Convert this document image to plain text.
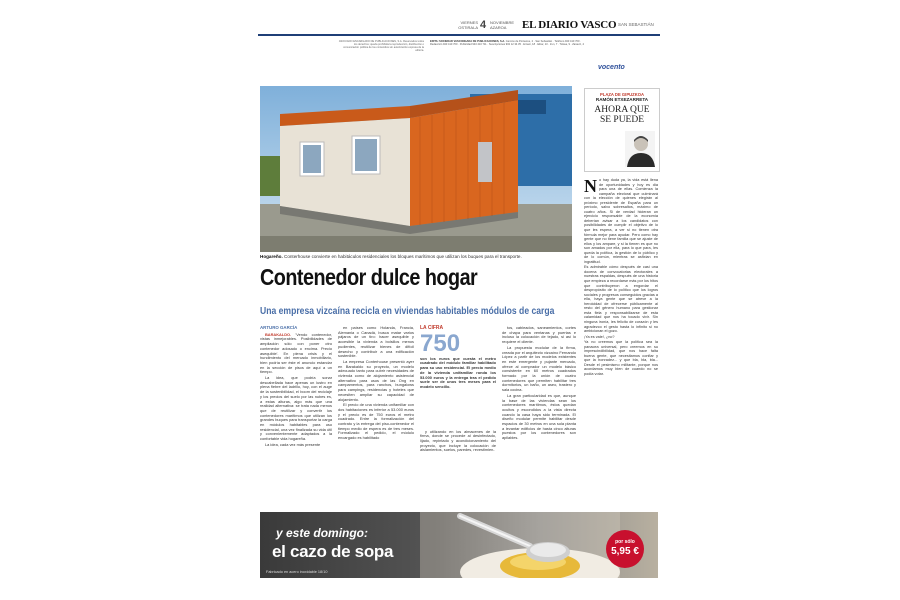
VIERNES
OSTIRALA 4 NOVIEMBRE
AZAROA	EL DIARIO VASCO SAN SEBASTIÁN
ASOCIADO ENCARGADO DE PUBLICACIONES, S.A. Reservados todos los derechos; queda prohibida la reproducción, distribución o comunicación pública de los contenidos sin autorización expresa de la editora.
EDITA: SOCIEDAD VASCONGADA DE PUBLICACIONES, S.A. Camino de Portuetxe, 2 · San Sebastián · Teléfono 943 410 700 · Redacción 943 410 700 · Publicidad 943 410 711 · Suscripciones 902 12 34 35 · Ernani, 18 · Eibar, 13 · Irun, 7 · Tolosa, 9 · Zarautz, 4
vocento
Hogareño. Conterhouse convierte en habitáculos residenciales los bloques marítimos que utilizan los buques para el transporte.
Contenedor dulce hogar
Una empresa vizcaína recicla en viviendas habitables módulos de carga
ARTURO GARCÍA

BARAKALDO. 'Vendo contenedor, vistas inmejorables. Posibilidades de ampliación sólo con poner otro contenedor adosado o encima. Precio asequible'. En plena crisis y el hundimiento del mercado inmobiliario, bien podría ser éste el anuncio estandar en la sección de pisos de aquí a un tiempo.

La idea, que podría sonar descabellada hace apenas un lustro en plena fiebre del ladrillo, hoy, con el auge de la sostenibilidad, el boom del reciclaje y los precios del suelo por las nubes es, a estas alturas, algo más que una realidad alternativa: se trata nada menos que de reutilizar y convertir los contenedores marítimos que utilizan los grandes buques para transportar la carga en módulos habitables para uso residencial, una vez finalizada su vida útil y convenientemente adaptados a la confortable vida hogareña.

La idea, cada vez más presente

en países como Holanda, Francia, Alemania o Canadá, busca matar varios pájaros de un tiro: hacer asequible y accesible la vivienda a bolsillos menos pudientes, reutilizar bienes de difícil desecho y contribuir a una edificación sostenible.

La empresa Conterhouse presentó ayer en Barakaldo su proyecto, un modelo adecuado tanto para cubrir necesidades de vivienda como de alojamiento asistencial alternativo para usos de las Ong en campamentos, para ranchos, bungalows para campings, residencias y hoteles que necesiten ampliar su capacidad de alojamiento.

El precio de una vivienda unifamiliar con dos habitaciones es inferior a 53.000 euros y el precio es de 750 euros el metro cuadrado. Entre la formalización del contrato y la entrega del piso-contenedor el tiempo medio de espera es de tres meses. Formalizado el pedido, el módulo encargado es habilitado

LA CIFRA
750
son los euros que cuesta el metro cuadrado del módulo familiar habilitado para su uso residencial. El precio medio de la vivienda unifamiliar ronda los 53.000 euros y la entrega tras el pedido suele ser de unos tres meses para el modelo sencillo.

y utilizando en los almacenes de la firma, donde se procede al desinfectado, lijado, repintado y acondicionamiento del proyecto, que incluye la colocación de aislamientos, suelos, paredes, revestimien-

tos, cableados, saneamientos, cortes de chapa para ventanas y puertas e incluso la colocación de tejado, si así lo requiere el cliente.

La propuesta modular de la firma, creada por el arquitecto vizcaíno Fernando López a partir de los modelos existentes en este emergente y pujante mercado, ofrece al comprador un modelo básico consistente en 60 metros cuadrados formado por la unión de cuatro contenedores que permiten habilitar tres dormitorios, un baño, un aseo, trastero y sala cocina.

La gran particularidad es que, aunque la base de las viviendas sean los contenedores marítimos, éstos quedan ocultos y escondidos a la vista directa cuando la casa haya sido terminada. El diseño modular permite habilitar desde espacios de 30 metros en una sola planta a levantar edificios de hasta cinco alturas puestos por los contenedores son apilables.

PLAZA DE GIPUZKOA
RAMÓN ETXEZARRETA
AHORA QUE SE PUEDE

No hay duda ya, la vida está llena de oportunidades y hoy es día para una de ellas. Comienza la campaña electoral que culminará con la elección de quienes elegirán al próximo presidente de España para un período, salvo sobresaltos, máximo de cuatro años. Si de verdad hicieran un ejercicio responsable de la economía deberían avisar a los candidatos con posibilidades de cumplir el objetivo de lo que les espera, a ver si no tienen otra fórmula mejor para ayudar. Pero como hay gente que no tiene familia que se ajuste de ellos y los ampare, y si la tienen es que no son amados por ella, para lo que para, les queda la política, la gestión de lo público y de lo común, mientras se asfixian en ingratitud.

Es admirable cómo después de casi una docena de convocatorias electorales a nuestras espaldas, después de una historia que empieza a recordarse más por los hitos que contribuyeron a engordar el despropósito de lo político que los logros sociales y progresos conseguidos gracias a ella, haya gente que se atreve a la heroicidad de ofrecerse públicamente al resto del género humano para gestionar esta fiela y responsabilizarse de esta calamidad que nos ha tocado vivir. Sin ninguna ironía, les felicito de corazón y les agradezco el gesto hasta lo infinito si no ambicionan el gozo.

¡Ya es vale!, ¿no?

Ya no creemos que la política sea la panacea universal, pero creemos en su imprescindibilidad, que nos hace falta buena gente, que necesitamos confiar y que la honradez... y que bla, bla, bla... Desde el pesimismo militante, porque nos acordamos muy bien de cuando no se podía votar.

y este domingo:
el cazo de sopa
Fabricado en acero inoxidable 18/10
por sólo
5,95 €
